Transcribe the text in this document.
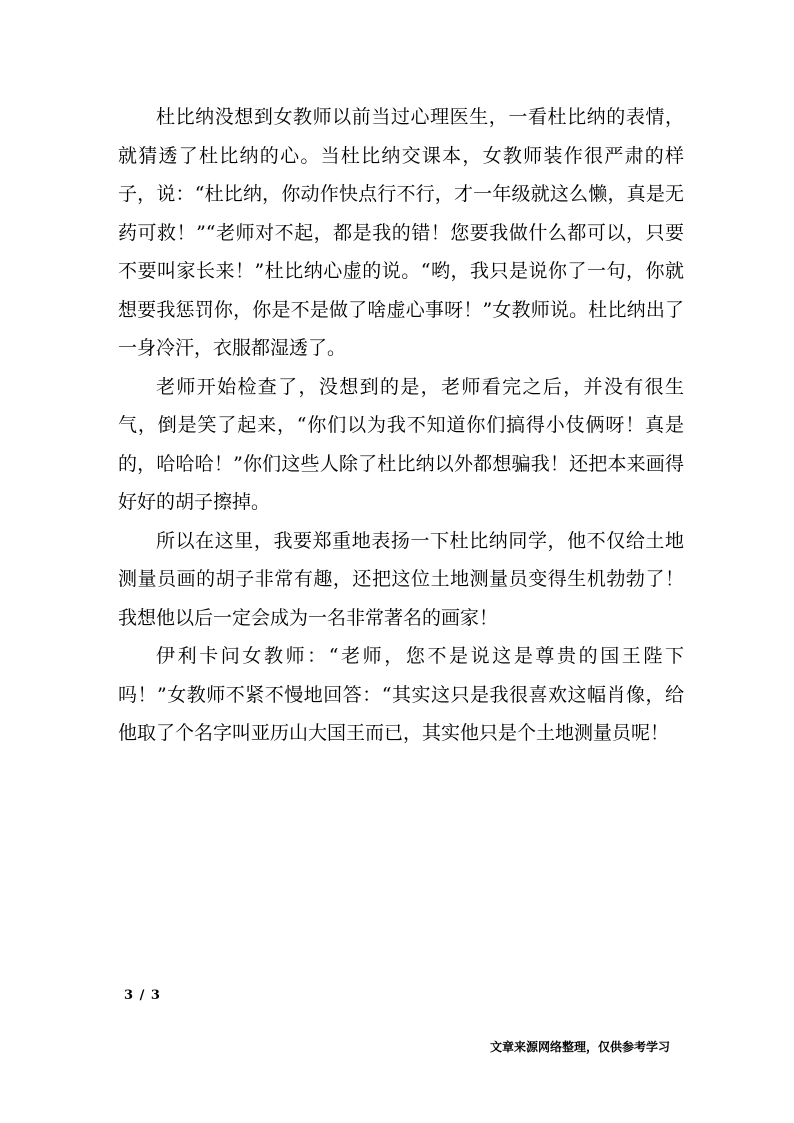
杜比纳没想到女教师以前当过心理医生，一看杜比纳的表情，就猜透了杜比纳的心。当杜比纳交课本，女教师装作很严肃的样子，说：“杜比纳，你动作快点行不行，才一年级就这么懒，真是无药可救！”“老师对不起，都是我的错！您要我做什么都可以，只要不要叫家长来！”杜比纳心虚的说。“哟，我只是说你了一句，你就想要我惩罚你，你是不是做了啥虚心事呀！”女教师说。杜比纳出了一身冷汗，衣服都湿透了。

老师开始检查了，没想到的是，老师看完之后，并没有很生气，倒是笑了起来，“你们以为我不知道你们搞得小伎俩呀！真是的，哈哈哈！”你们这些人除了杜比纳以外都想骗我！还把本来画得好好的胡子擦掉。

所以在这里，我要郑重地表扬一下杜比纳同学，他不仅给土地测量员画的胡子非常有趣，还把这位土地测量员变得生机勃勃了！我想他以后一定会成为一名非常著名的画家！

伊利卡问女教师：“老师，您不是说这是尊贵的国王陛下吗！”女教师不紧不慢地回答：“其实这只是我很喜欢这幅肖像，给他取了个名字叫亚历山大国王而已，其实他只是个土地测量员呢！

3 / 3
文章来源网络整理，仅供参考学习
